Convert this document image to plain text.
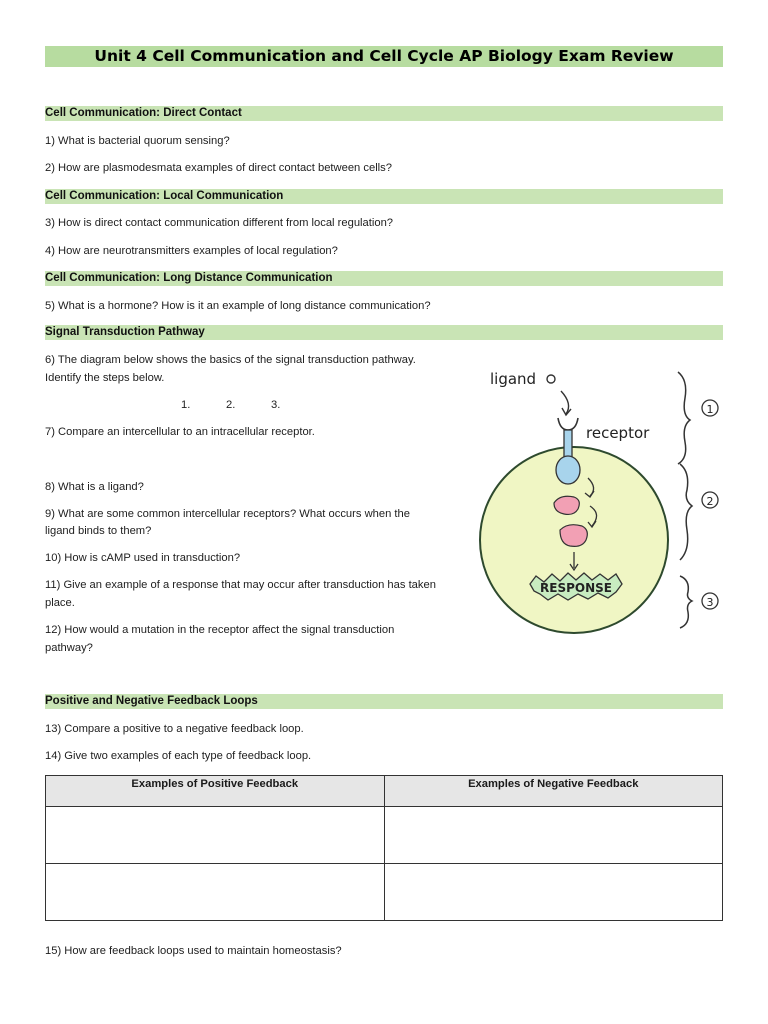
Unit 4 Cell Communication and Cell Cycle AP Biology Exam Review
Cell Communication: Direct Contact
1) What is bacterial quorum sensing?
2) How are plasmodesmata examples of direct contact between cells?
Cell Communication: Local Communication
3) How is direct contact communication different from local regulation?
4) How are neurotransmitters examples of local regulation?
Cell Communication: Long Distance Communication
5) What is a hormone? How is it an example of long distance communication?
Signal Transduction Pathway
6) The diagram below shows the basics of the signal transduction pathway.
Identify the steps below.
1.	2.	3.
7) Compare an intercellular to an intracellular receptor.
8) What is a ligand?
9) What are some common intercellular receptors? What occurs when the
ligand binds to them?
10) How is cAMP used in transduction?
11) Give an example of a response that may occur after transduction has taken
place.
12) How would a mutation in the receptor affect the signal transduction
pathway?
Positive and Negative Feedback Loops
13) Compare a positive to a negative feedback loop.
14) Give two examples of each type of feedback loop.
Examples of Positive Feedback	Examples of Negative Feedback

15) How are feedback loops used to maintain homeostasis?
ligand
receptor
RESPONSE
1
2
3
